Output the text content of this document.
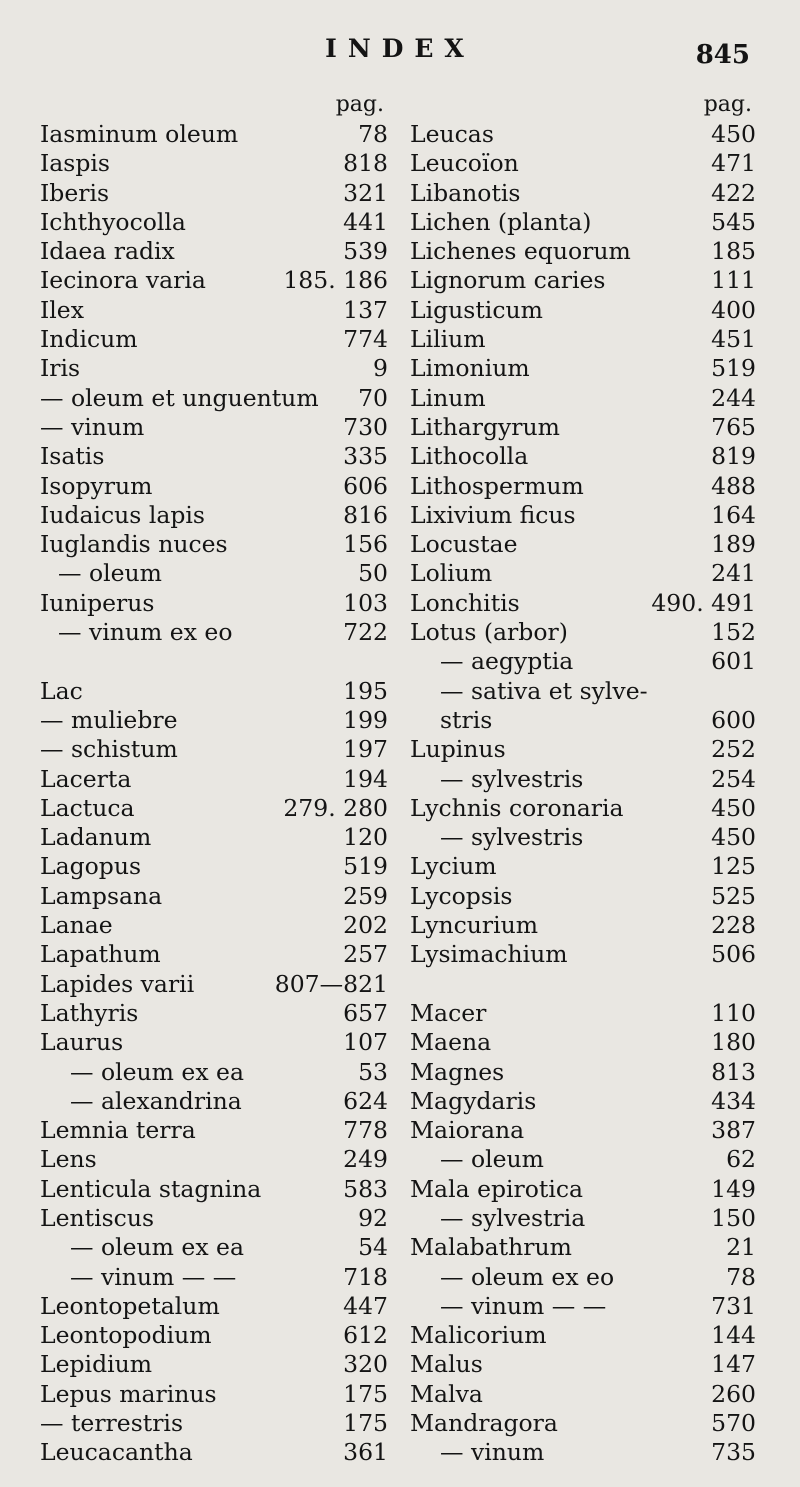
INDEX	845
pag.
Iasminum oleum	78
Iaspis	818
Iberis	321
Ichthyocolla	441
Idaea radix	539
Iecinora varia	185. 186
Ilex	137
Indicum	774
Iris	9
— oleum et unguentum 70
— vinum	730
Isatis	335
Isopyrum	606
Iudaicus lapis	816
Iuglandis nuces	156
— oleum	50
Iuniperus	103
— vinum ex eo	722
Lac	195
— muliebre	199
— schistum	197
Lacerta	194
Lactuca	279. 280
Ladanum	120
Lagopus	519
Lampsana	259
Lanae	202
Lapathum	257
Lapides varii	807—821
Lathyris	657
Laurus	107
— oleum ex ea	53
— alexandrina	624
Lemnia terra	778
Lens	249
Lenticula stagnina	583
Lentiscus	92
— oleum ex ea	54
— vinum — —	718
Leontopetalum	447
Leontopodium	612
Lepidium	320
Lepus marinus	175
— terrestris	175
Leucacantha	361
pag.
Leucas	450
Leucoïon	471
Libanotis	422
Lichen (planta)	545
Lichenes equorum	185
Lignorum caries	111
Ligusticum	400
Lilium	451
Limonium	519
Linum	244
Lithargyrum	765
Lithocolla	819
Lithospermum	488
Lixivium ficus	164
Locustae	189
Lolium	241
Lonchitis	490. 491
Lotus (arbor)	152
— aegyptia	601
— sativa et sylve-
stris	600
Lupinus	252
— sylvestris	254
Lychnis coronaria	450
— sylvestris	450
Lycium	125
Lycopsis	525
Lyncurium	228
Lysimachium	506
Macer	110
Maena	180
Magnes	813
Magydaris	434
Maiorana	387
— oleum	62
Mala epirotica	149
— sylvestria	150
Malabathrum	21
— oleum ex eo	78
— vinum — —	731
Malicorium	144
Malus	147
Malva	260
Mandragora	570
— vinum	735
